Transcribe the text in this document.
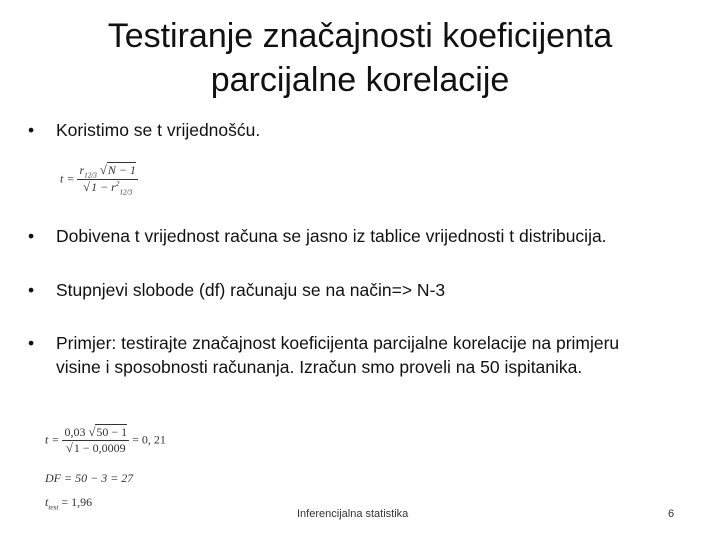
Testiranje značajnosti koeficijenta
parcijalne korelacije
•	Koristimo se t vrijednošću.
$t = \frac{r_{12/3} √N - 1}{√1 - r^2_{12/3}}$
•	Dobivena t vrijednost računa se jasno iz tablice vrijednosti t distribucija.
•	Stupnjevi slobode (df) računaju se na način=> N-3
•	Primjer: testirajte značajnost koeficijenta parcijalne korelacije na primjeru visine i sposobnosti računanja. Izračun smo proveli na 50 ispitanika.
$t = \frac{0,03 √50 - 1}{√1 - 0,0009} = 0$, 21
DF = 50 − 3 = 27
$t_{test} = 1,96$
Inferencijalna statistika	6
